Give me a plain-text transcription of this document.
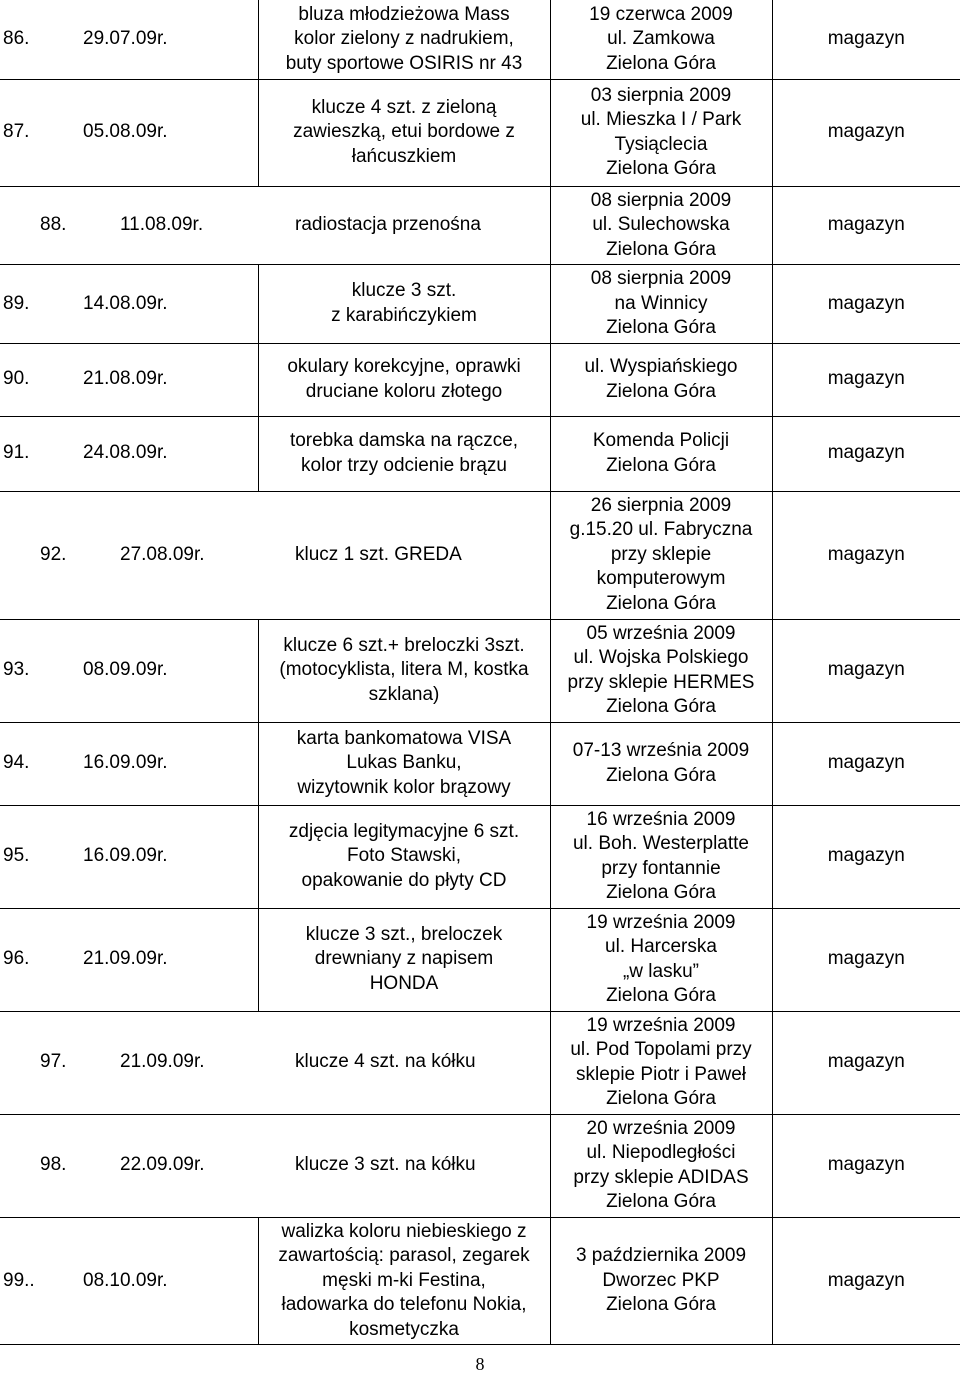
86. 29.07.09r.	bluza młodzieżowa Mass
kolor zielony z nadrukiem,
buty sportowe OSIRIS nr 43	19 czerwca 2009
ul. Zamkowa
Zielona Góra	magazyn

87. 05.08.09r.	klucze 4 szt. z zieloną
zawieszką, etui bordowe z
łańcuszkiem	03 sierpnia 2009
ul. Mieszka I / Park
Tysiąclecia
Zielona Góra	magazyn

88. 11.08.09r. radiostacja przenośna		08 sierpnia 2009
ul. Sulechowska
Zielona Góra	magazyn

89. 14.08.09r.	klucze 3 szt.
z karabińczykiem	08 sierpnia 2009
na Winnicy
Zielona Góra	magazyn

90. 21.08.09r.	okulary korekcyjne, oprawki
druciane koloru złotego	ul. Wyspiańskiego
Zielona Góra	magazyn

91. 24.08.09r.	torebka damska na rączce,
kolor trzy odcienie brązu	Komenda Policji
Zielona Góra	magazyn

92. 27.08.09r. klucz 1 szt. GREDA		26 sierpnia 2009
g.15.20 ul. Fabryczna
przy sklepie
komputerowym
Zielona Góra	magazyn

93. 08.09.09r.	klucze 6 szt.+ breloczki 3szt.
(motocyklista, litera M, kostka
szklana)	05 września 2009
ul. Wojska Polskiego
przy sklepie HERMES
Zielona Góra	magazyn

94. 16.09.09r.	karta bankomatowa VISA
Lukas Banku,
wizytownik kolor brązowy	07-13 września 2009
Zielona Góra	magazyn

95. 16.09.09r.	zdjęcia legitymacyjne 6 szt.
Foto Stawski,
opakowanie do płyty CD	16 września 2009
ul. Boh. Westerplatte
przy fontannie
Zielona Góra	magazyn

96. 21.09.09r.	klucze 3 szt., breloczek
drewniany z napisem
HONDA	19 września 2009
ul. Harcerska
„w lasku”
Zielona Góra	magazyn

97. 21.09.09r. klucze 4 szt. na kółku		19 września 2009
ul. Pod Topolami przy
sklepie Piotr i Paweł
Zielona Góra	magazyn

98. 22.09.09r. klucze 3 szt. na kółku		20 września 2009
ul. Niepodległości
przy sklepie ADIDAS
Zielona Góra	magazyn

99.. 08.10.09r.	walizka koloru niebieskiego z
zawartością: parasol, zegarek
męski m-ki Festina,
ładowarka do telefonu Nokia,
kosmetyczka	3 października 2009
Dworzec PKP
Zielona Góra	magazyn
8
